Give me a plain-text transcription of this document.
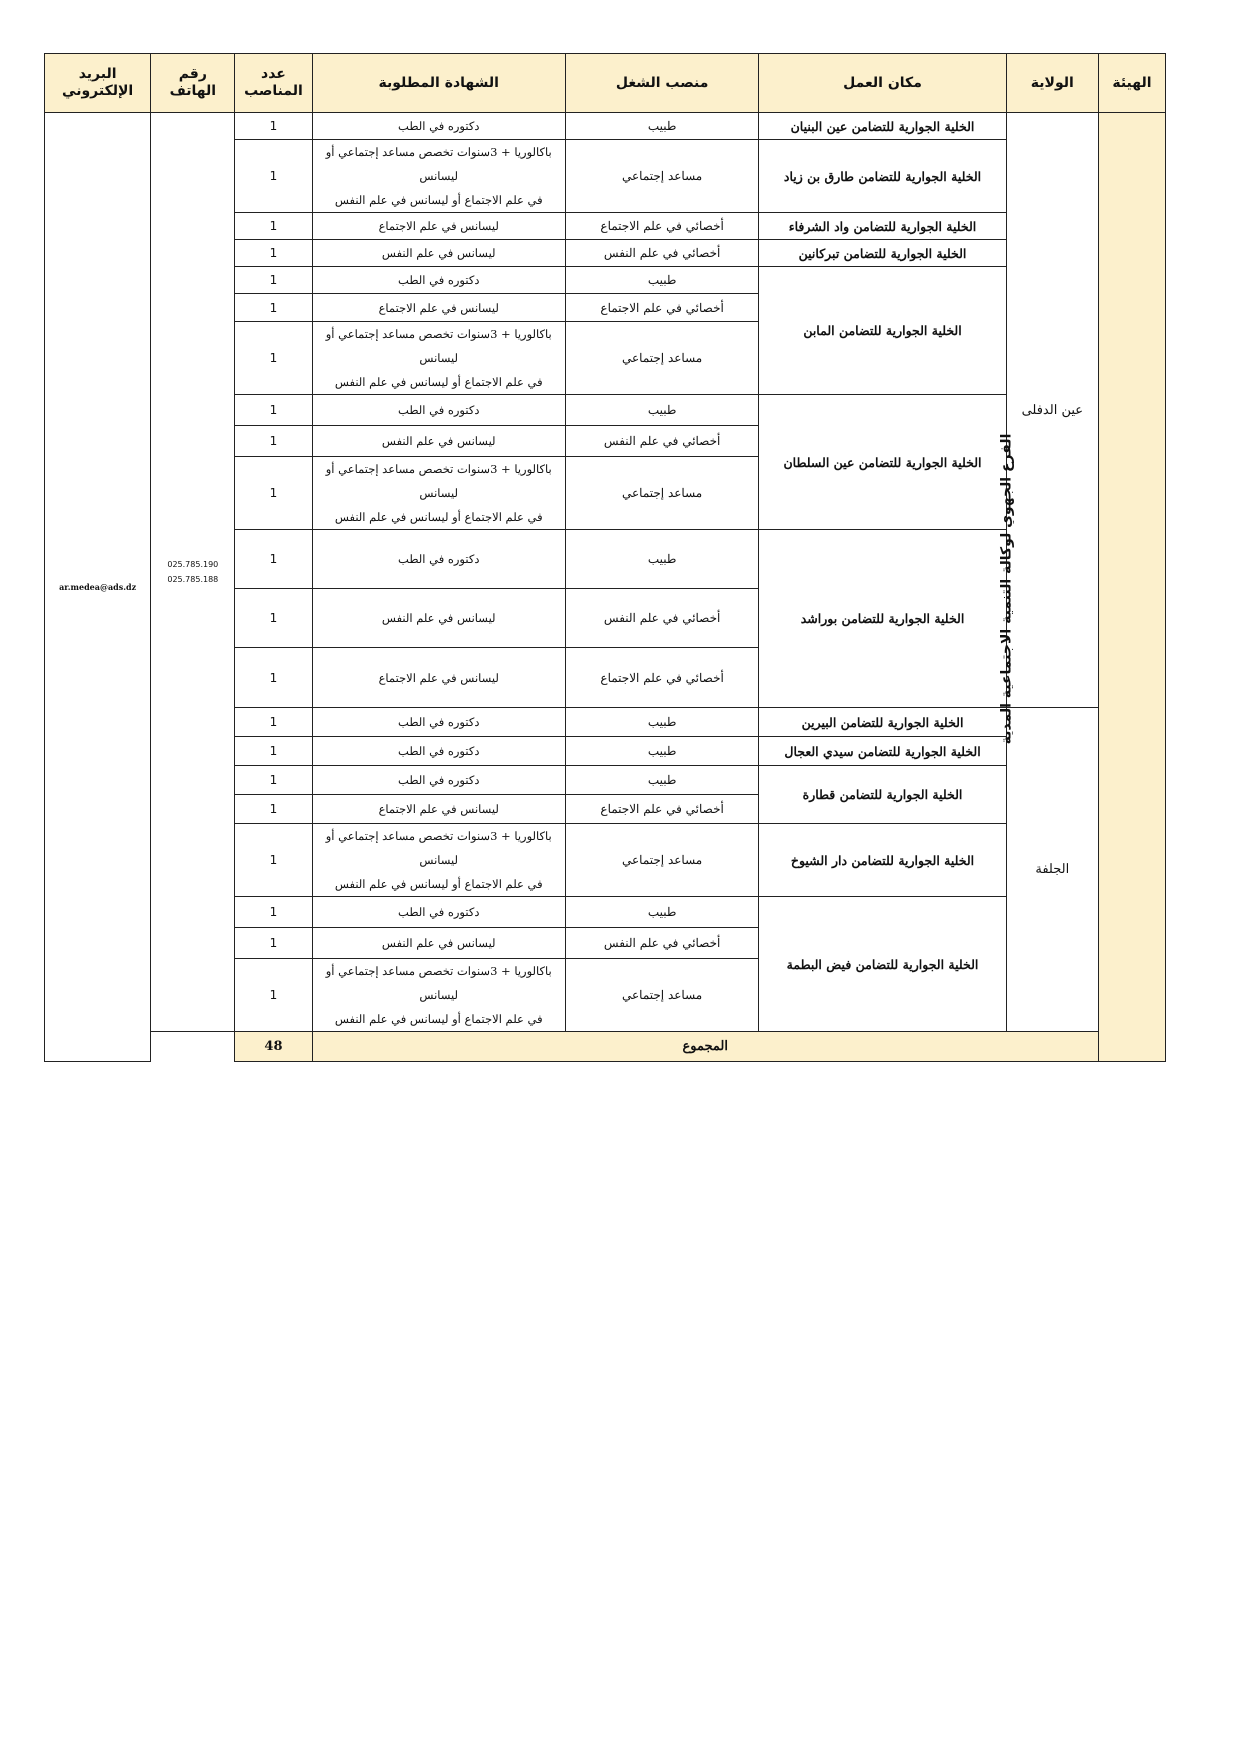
الهيئة	الولاية	مكان العمل	منصب الشغل	الشهادة المطلوبة	عدد المناصب	رقم الهاتف	البريد الإلكتروني
الفرع الجهوي لوكالة التنمية الاجتماعية المدية	عين الدفلى	الخلية الجوارية للتضامن عين البنيان	طبيب	دكتوره في الطب	1	025.785.190
025.785.188	ar.medea@ads.dz
		الخلية الجوارية للتضامن طارق بن زياد	مساعد إجتماعي	باكالوريا + 3سنوات تخصص مساعد إجتماعي أو ليسانس
في علم الاجتماع أو ليسانس في علم النفس	1		
		الخلية الجوارية للتضامن واد الشرفاء	أخصائي في علم الاجتماع	ليسانس في علم الاجتماع	1		
		الخلية الجوارية للتضامن تبركانين	أخصائي في علم النفس	ليسانس في علم النفس	1		
		الخلية الجوارية للتضامن المابن	طبيب	دكتوره في الطب	1		
			أخصائي في علم الاجتماع	ليسانس في علم الاجتماع	1		
			مساعد إجتماعي	باكالوريا + 3سنوات تخصص مساعد إجتماعي أو ليسانس
في علم الاجتماع أو ليسانس في علم النفس	1		
		الخلية الجوارية للتضامن عين السلطان	طبيب	دكتوره في الطب	1		
			أخصائي في علم النفس	ليسانس في علم النفس	1		
			مساعد إجتماعي	باكالوريا + 3سنوات تخصص مساعد إجتماعي أو ليسانس
في علم الاجتماع أو ليسانس في علم النفس	1		
		الخلية الجوارية للتضامن بوراشد	طبيب	دكتوره في الطب	1		
			أخصائي في علم النفس	ليسانس في علم النفس	1		
			أخصائي في علم الاجتماع	ليسانس في علم الاجتماع	1		
	الجلفة	الخلية الجوارية للتضامن البيرين	طبيب	دكتوره في الطب	1		
		الخلية الجوارية للتضامن سيدي العجال	طبيب	دكتوره في الطب	1		
		الخلية الجوارية للتضامن قطارة	طبيب	دكتوره في الطب	1		
			أخصائي في علم الاجتماع	ليسانس في علم الاجتماع	1		
		الخلية الجوارية للتضامن دار الشيوخ	مساعد إجتماعي	باكالوريا + 3سنوات تخصص مساعد إجتماعي أو ليسانس
في علم الاجتماع أو ليسانس في علم النفس	1		
		الخلية الجوارية للتضامن فيض البطمة	طبيب	دكتوره في الطب	1		
			أخصائي في علم النفس	ليسانس في علم النفس	1		
			مساعد إجتماعي	باكالوريا + 3سنوات تخصص مساعد إجتماعي أو ليسانس
في علم الاجتماع أو ليسانس في علم النفس	1		
	المجموع				48		
